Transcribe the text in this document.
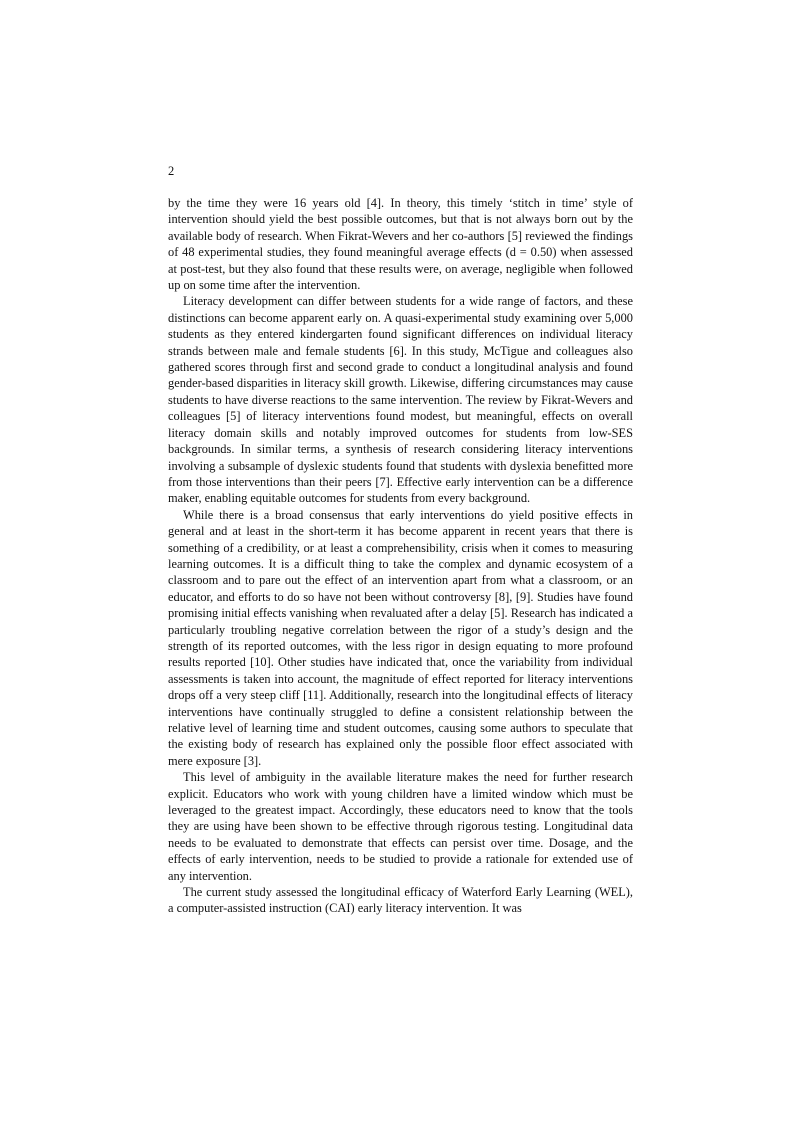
2

by the time they were 16 years old [4]. In theory, this timely ‘stitch in time’ style of intervention should yield the best possible outcomes, but that is not always born out by the available body of research. When Fikrat-Wevers and her co-authors [5] reviewed the findings of 48 experimental studies, they found meaningful average effects (d = 0.50) when assessed at post-test, but they also found that these results were, on average, negligible when followed up on some time after the intervention.

Literacy development can differ between students for a wide range of factors, and these distinctions can become apparent early on. A quasi-experimental study examining over 5,000 students as they entered kindergarten found significant differences on individual literacy strands between male and female students [6]. In this study, McTigue and colleagues also gathered scores through first and second grade to conduct a longitudinal analysis and found gender-based disparities in literacy skill growth. Likewise, differing circumstances may cause students to have diverse reactions to the same intervention. The review by Fikrat-Wevers and colleagues [5] of literacy interventions found modest, but meaningful, effects on overall literacy domain skills and notably improved outcomes for students from low-SES backgrounds. In similar terms, a synthesis of research considering literacy interventions involving a subsample of dyslexic students found that students with dyslexia benefitted more from those interventions than their peers [7]. Effective early intervention can be a difference maker, enabling equitable outcomes for students from every background.

While there is a broad consensus that early interventions do yield positive effects in general and at least in the short-term it has become apparent in recent years that there is something of a credibility, or at least a comprehensibility, crisis when it comes to measuring learning outcomes. It is a difficult thing to take the complex and dynamic ecosystem of a classroom and to pare out the effect of an intervention apart from what a classroom, or an educator, and efforts to do so have not been without controversy [8], [9]. Studies have found promising initial effects vanishing when revaluated after a delay [5]. Research has indicated a particularly troubling negative correlation between the rigor of a study’s design and the strength of its reported outcomes, with the less rigor in design equating to more profound results reported [10]. Other studies have indicated that, once the variability from individual assessments is taken into account, the magnitude of effect reported for literacy interventions drops off a very steep cliff [11]. Additionally, research into the longitudinal effects of literacy interventions have continually struggled to define a consistent relationship between the relative level of learning time and student outcomes, causing some authors to speculate that the existing body of research has explained only the possible floor effect associated with mere exposure [3].

This level of ambiguity in the available literature makes the need for further research explicit. Educators who work with young children have a limited window which must be leveraged to the greatest impact. Accordingly, these educators need to know that the tools they are using have been shown to be effective through rigorous testing. Longitudinal data needs to be evaluated to demonstrate that effects can persist over time. Dosage, and the effects of early intervention, needs to be studied to provide a rationale for extended use of any intervention.

The current study assessed the longitudinal efficacy of Waterford Early Learning (WEL), a computer-assisted instruction (CAI) early literacy intervention. It was
